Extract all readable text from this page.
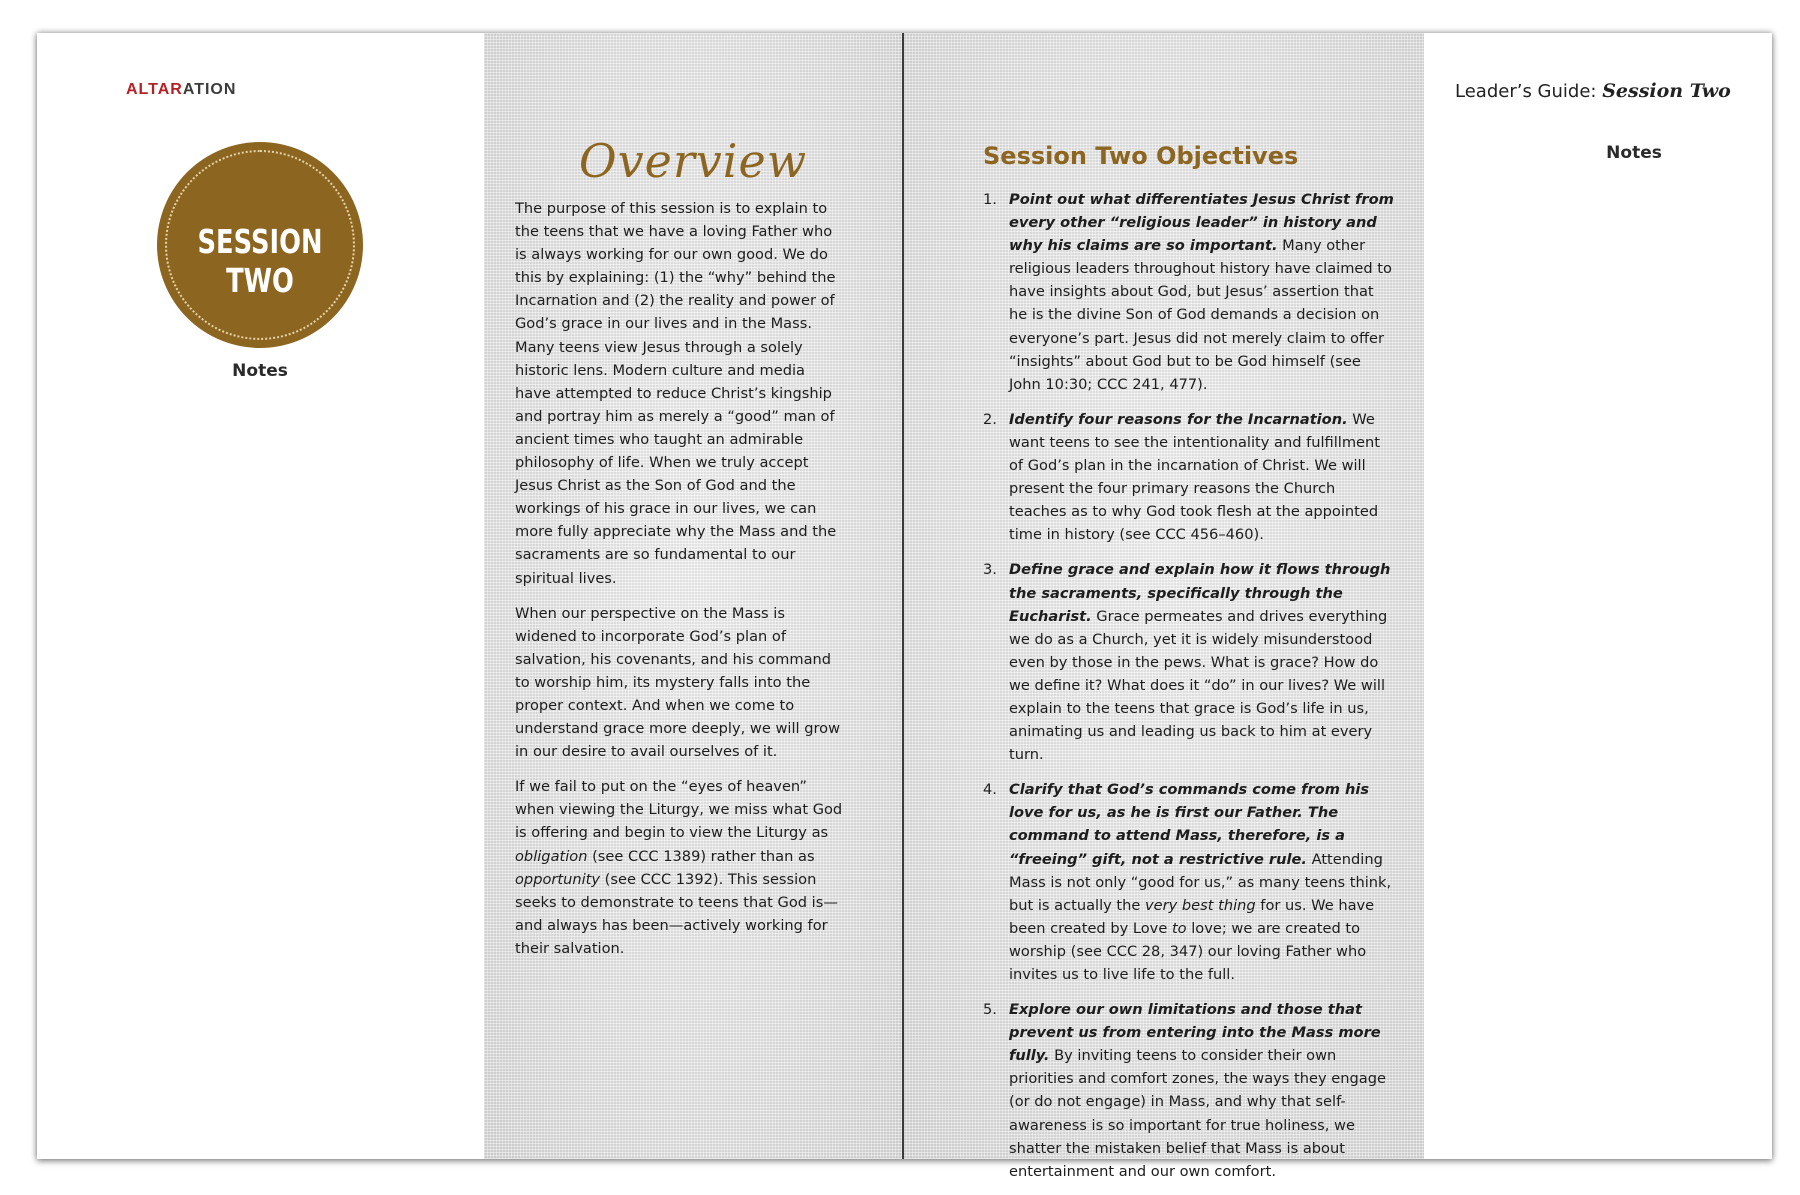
ALTARATION
SESSION TWO
Notes
Overview

The purpose of this session is to explain to the teens that we have a loving Father who is always working for our own good. We do this by explaining: (1) the “why” behind the Incarnation and (2) the reality and power of God’s grace in our lives and in the Mass. Many teens view Jesus through a solely historic lens. Modern culture and media have attempted to reduce Christ’s kingship and portray him as merely a “good” man of ancient times who taught an admirable philosophy of life. When we truly accept Jesus Christ as the Son of God and the workings of his grace in our lives, we can more fully appreciate why the Mass and the sacraments are so fundamental to our spiritual lives.

When our perspective on the Mass is widened to incorporate God’s plan of salvation, his covenants, and his command to worship him, its mystery falls into the proper context. And when we come to understand grace more deeply, we will grow in our desire to avail ourselves of it.

If we fail to put on the “eyes of heaven” when viewing the Liturgy, we miss what God is offering and begin to view the Liturgy as obligation (see CCC 1389) rather than as opportunity (see CCC 1392). This session seeks to demonstrate to teens that God is—and always has been—actively working for their salvation.

Session Two Objectives
1. Point out what differentiates Jesus Christ from every other “religious leader” in history and why his claims are so important. Many other religious leaders throughout history have claimed to have insights about God, but Jesus’ assertion that he is the divine Son of God demands a decision on everyone’s part. Jesus did not merely claim to offer “insights” about God but to be God himself (see John 10:30; CCC 241, 477).
2. Identify four reasons for the Incarnation. We want teens to see the intentionality and fulfillment of God’s plan in the incarnation of Christ. We will present the four primary reasons the Church teaches as to why God took flesh at the appointed time in history (see CCC 456–460).
3. Define grace and explain how it flows through the sacraments, specifically through the Eucharist. Grace permeates and drives everything we do as a Church, yet it is widely misunderstood even by those in the pews. What is grace? How do we define it? What does it “do” in our lives? We will explain to the teens that grace is God’s life in us, animating us and leading us back to him at every turn.
4. Clarify that God’s commands come from his love for us, as he is first our Father. The command to attend Mass, therefore, is a “freeing” gift, not a restrictive rule. Attending Mass is not only “good for us,” as many teens think, but is actually the very best thing for us. We have been created by Love to love; we are created to worship (see CCC 28, 347) our loving Father who invites us to live life to the full.
5. Explore our own limitations and those that prevent us from entering into the Mass more fully. By inviting teens to consider their own priorities and comfort zones, the ways they engage (or do not engage) in Mass, and why that self-awareness is so important for true holiness, we shatter the mistaken belief that Mass is about entertainment and our own comfort.
Leader’s Guide: Session Two
Notes
